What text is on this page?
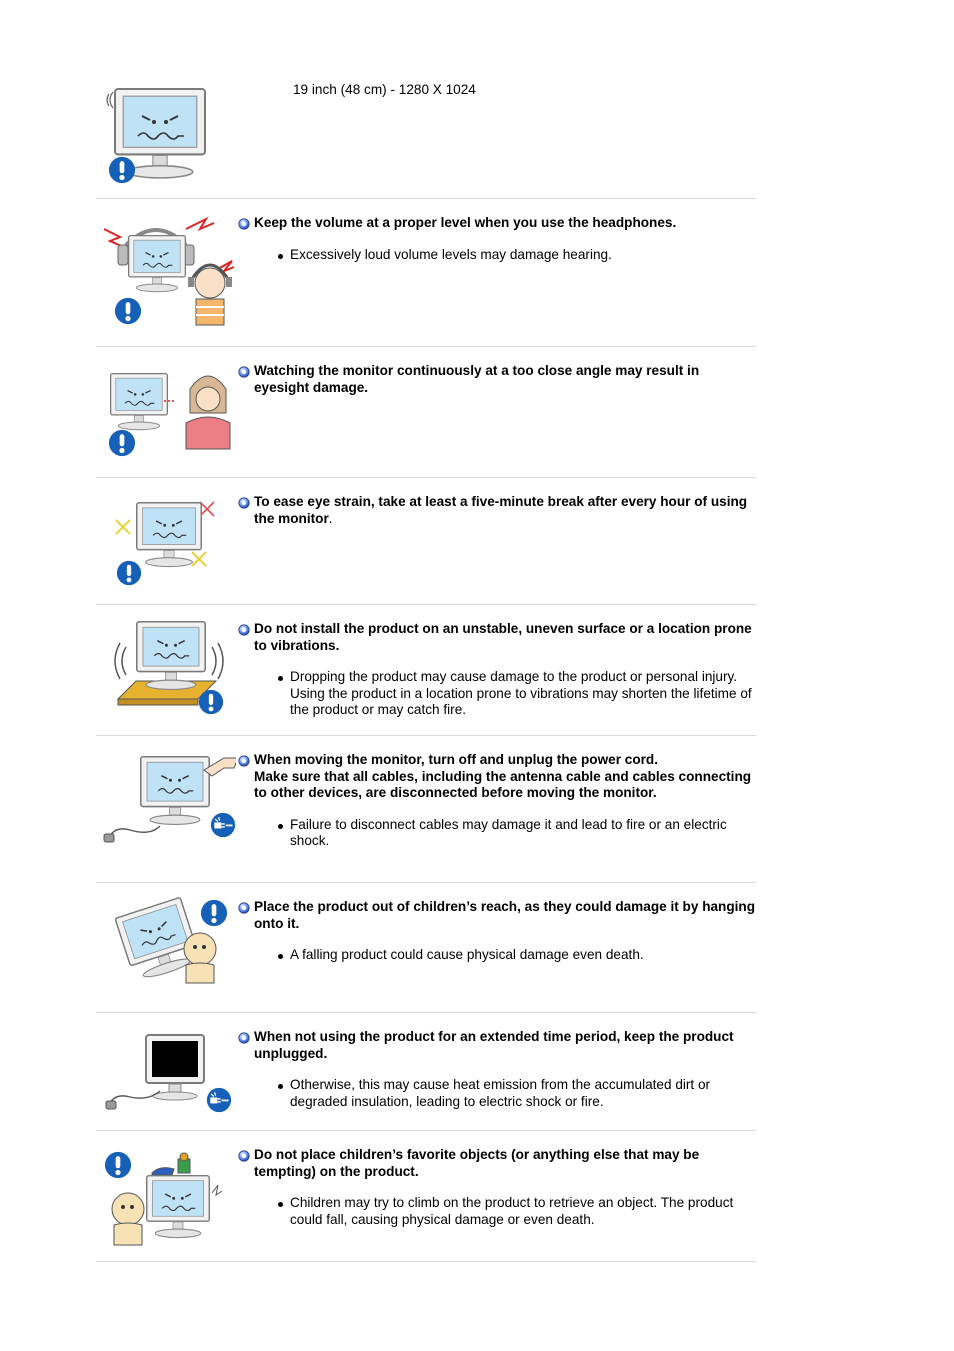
19 inch (48 cm) - 1280 X 1024

Keep the volume at a proper level when you use the headphones.

Excessively loud volume levels may damage hearing.

Watching the monitor continuously at a too close angle may result in eyesight damage.

To ease eye strain, take at least a five-minute break after every hour of using the monitor.

Do not install the product on an unstable, uneven surface or a location prone to vibrations.

Dropping the product may cause damage to the product or personal injury. Using the product in a location prone to vibrations may shorten the lifetime of the product or may catch fire.

When moving the monitor, turn off and unplug the power cord.
Make sure that all cables, including the antenna cable and cables connecting to other devices, are disconnected before moving the monitor.

Failure to disconnect cables may damage it and lead to fire or an electric shock.

Place the product out of children’s reach, as they could damage it by hanging onto it.

A falling product could cause physical damage even death.

When not using the product for an extended time period, keep the product unplugged.

Otherwise, this may cause heat emission from the accumulated dirt or degraded insulation, leading to electric shock or fire.

Do not place children’s favorite objects (or anything else that may be tempting) on the product.

Children may try to climb on the product to retrieve an object. The product could fall, causing physical damage or even death.
